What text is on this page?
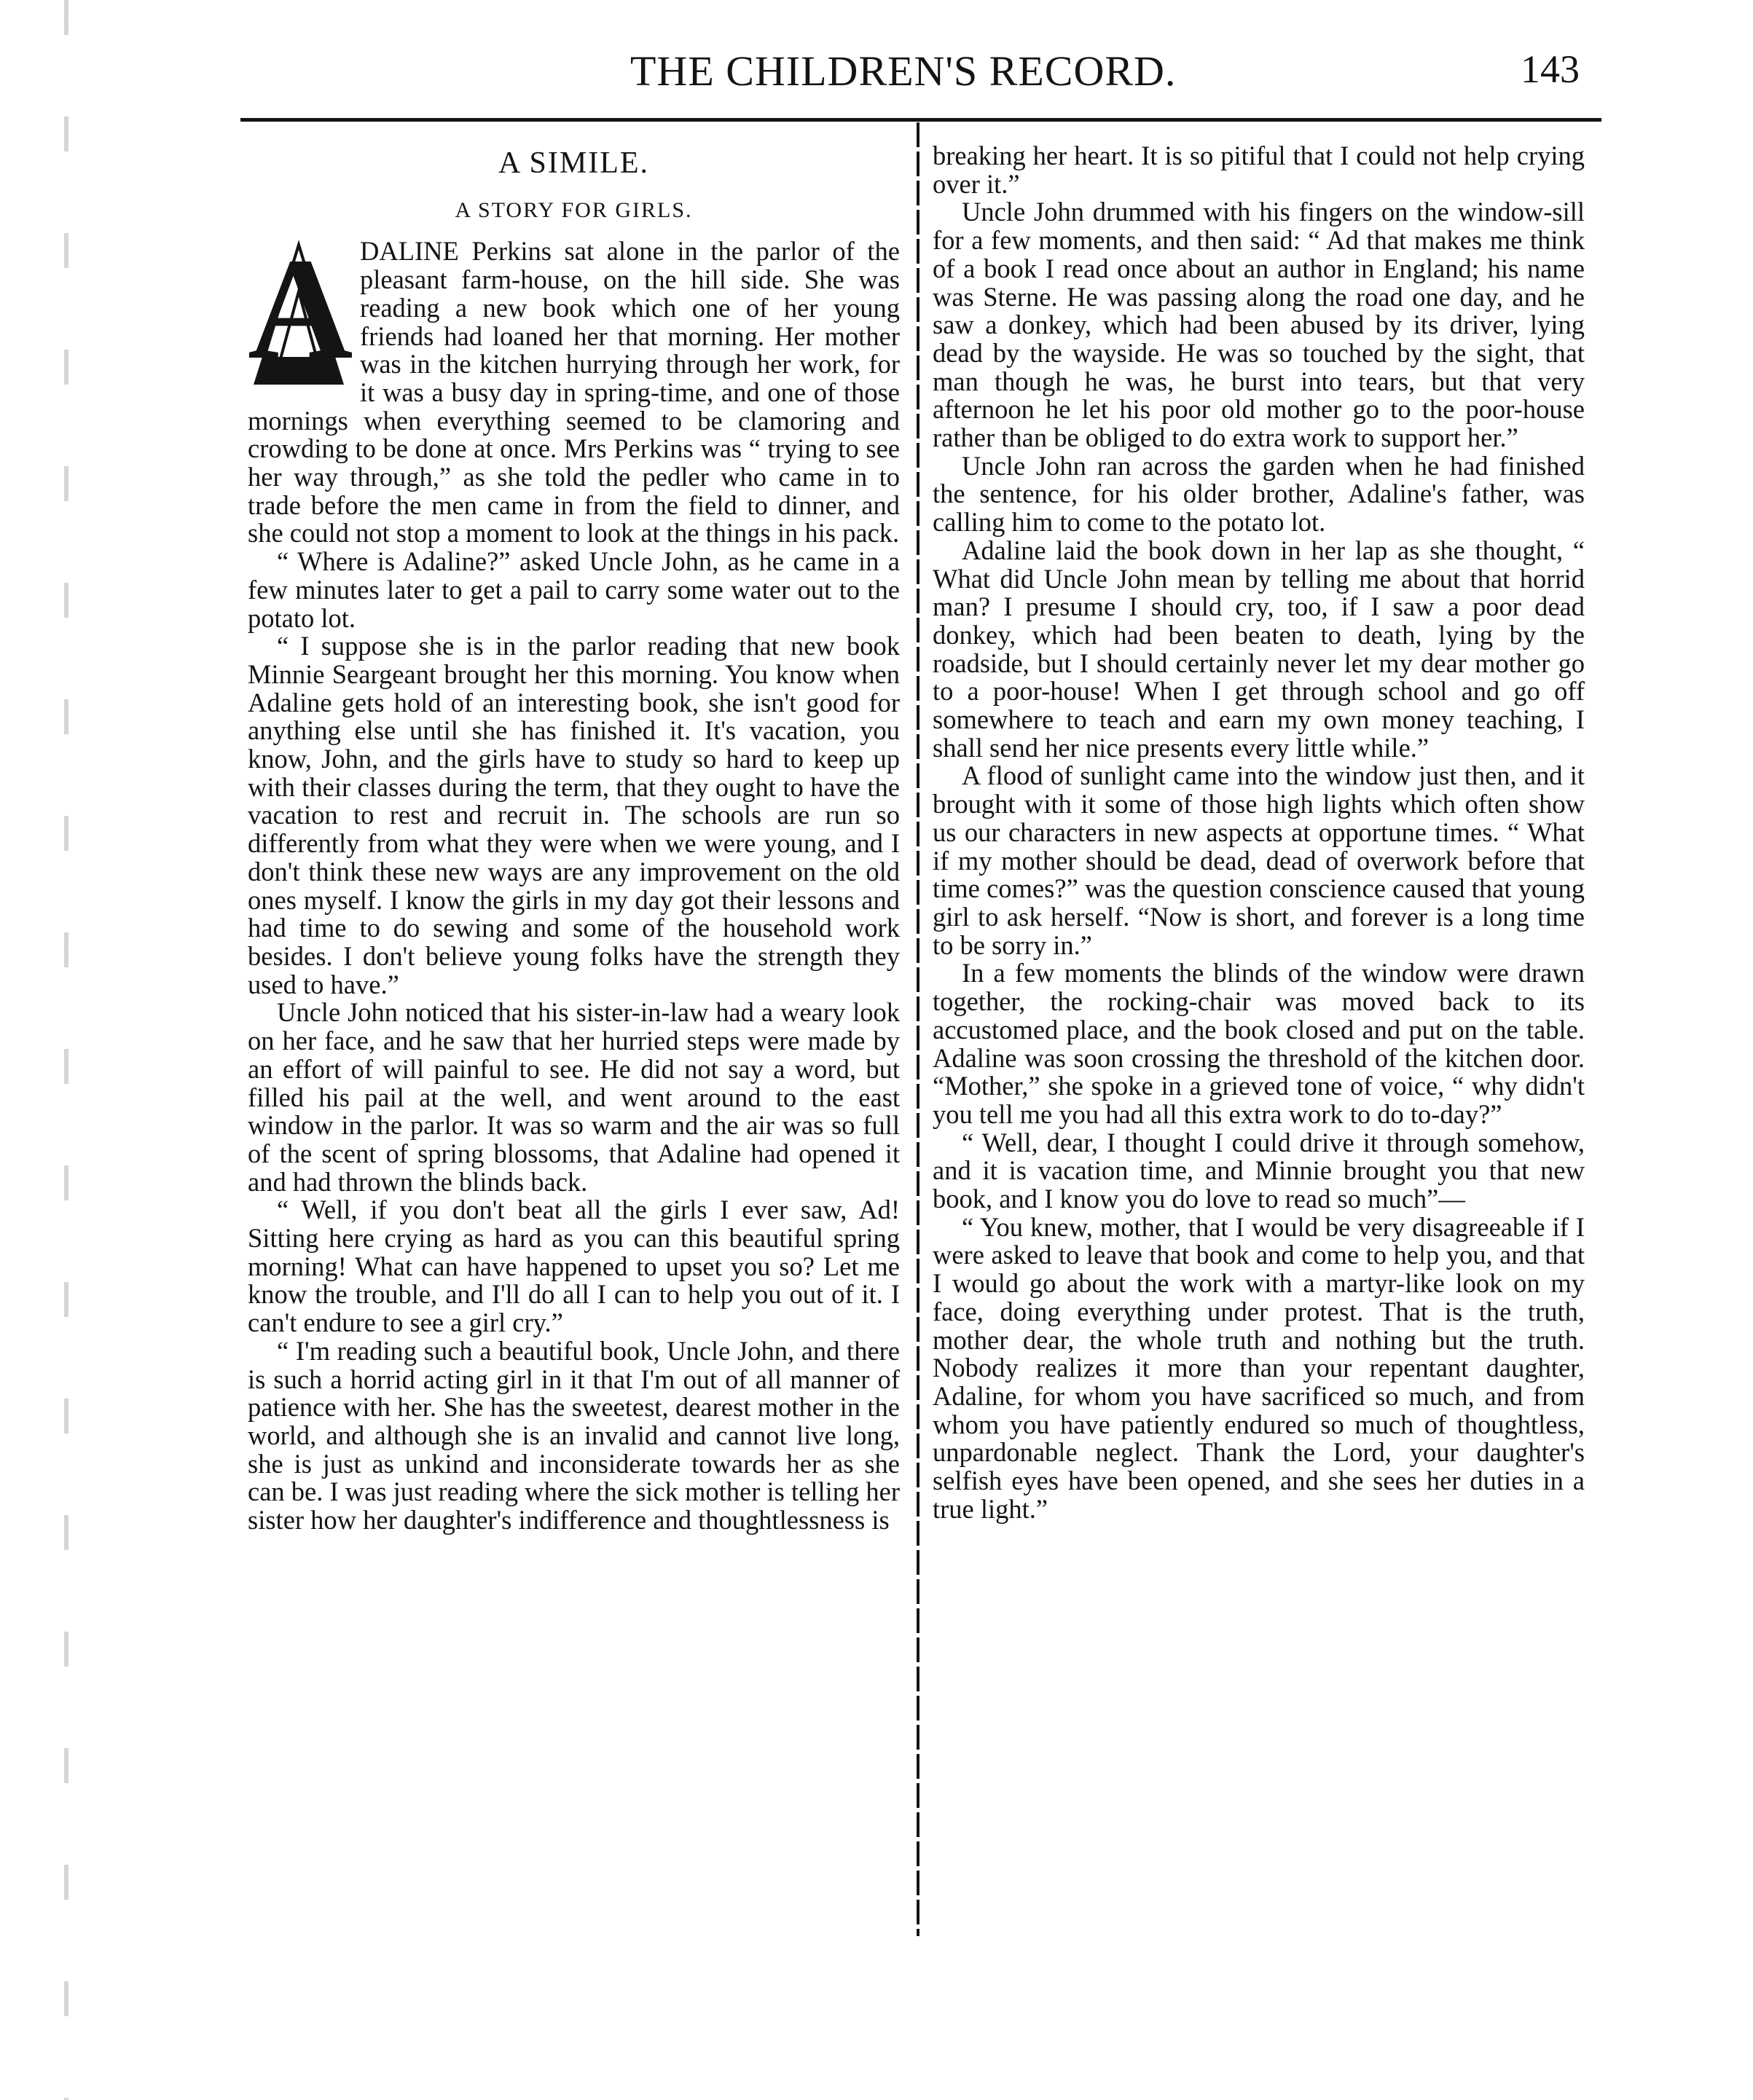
THE CHILDREN'S RECORD.	143
A SIMILE.
A STORY FOR GIRLS.
A DALINE Perkins sat alone in the parlor of the pleasant farm-house, on the hill side. She was reading a new book which one of her young friends had loaned her that morning. Her mother was in the kitchen hurrying through her work, for it was a busy day in spring-time, and one of those mornings when everything seemed to be clamoring and crowding to be done at once. Mrs Perkins was “ trying to see her way through,” as she told the pedler who came in to trade before the men came in from the field to dinner, and she could not stop a moment to look at the things in his pack.

“ Where is Adaline?” asked Uncle John, as he came in a few minutes later to get a pail to carry some water out to the potato lot.

“ I suppose she is in the parlor reading that new book Minnie Seargeant brought her this morning. You know when Adaline gets hold of an interesting book, she isn't good for anything else until she has finished it. It's vacation, you know, John, and the girls have to study so hard to keep up with their classes during the term, that they ought to have the vacation to rest and recruit in. The schools are run so differently from what they were when we were young, and I don't think these new ways are any improvement on the old ones myself. I know the girls in my day got their lessons and had time to do sewing and some of the household work besides. I don't believe young folks have the strength they used to have.”

Uncle John noticed that his sister-in-law had a weary look on her face, and he saw that her hurried steps were made by an effort of will painful to see. He did not say a word, but filled his pail at the well, and went around to the east window in the parlor. It was so warm and the air was so full of the scent of spring blossoms, that Adaline had opened it and had thrown the blinds back.

“ Well, if you don't beat all the girls I ever saw, Ad! Sitting here crying as hard as you can this beautiful spring morning! What can have happened to upset you so? Let me know the trouble, and I'll do all I can to help you out of it. I can't endure to see a girl cry.”

“ I'm reading such a beautiful book, Uncle John, and there is such a horrid acting girl in it that I'm out of all manner of patience with her. She has the sweetest, dearest mother in the world, and although she is an invalid and cannot live long, she is just as unkind and inconsiderate towards her as she can be. I was just reading where the sick mother is telling her sister how her daughter's indifference and thoughtlessness is

breaking her heart. It is so pitiful that I could not help crying over it.”

Uncle John drummed with his fingers on the window-sill for a few moments, and then said: “ Ad that makes me think of a book I read once about an author in England; his name was Sterne. He was passing along the road one day, and he saw a donkey, which had been abused by its driver, lying dead by the wayside. He was so touched by the sight, that man though he was, he burst into tears, but that very afternoon he let his poor old mother go to the poor-house rather than be obliged to do extra work to support her.”

Uncle John ran across the garden when he had finished the sentence, for his older brother, Adaline's father, was calling him to come to the potato lot.

Adaline laid the book down in her lap as she thought, “ What did Uncle John mean by telling me about that horrid man? I presume I should cry, too, if I saw a poor dead donkey, which had been beaten to death, lying by the roadside, but I should certainly never let my dear mother go to a poor-house! When I get through school and go off somewhere to teach and earn my own money teaching, I shall send her nice presents every little while.”

A flood of sunlight came into the window just then, and it brought with it some of those high lights which often show us our characters in new aspects at opportune times. “ What if my mother should be dead, dead of overwork before that time comes?” was the question conscience caused that young girl to ask herself. “Now is short, and forever is a long time to be sorry in.”

In a few moments the blinds of the window were drawn together, the rocking-chair was moved back to its accustomed place, and the book closed and put on the table. Adaline was soon crossing the threshold of the kitchen door. “Mother,” she spoke in a grieved tone of voice, “ why didn't you tell me you had all this extra work to do to-day?”

“ Well, dear, I thought I could drive it through somehow, and it is vacation time, and Minnie brought you that new book, and I know you do love to read so much”—

“ You knew, mother, that I would be very disagreeable if I were asked to leave that book and come to help you, and that I would go about the work with a martyr-like look on my face, doing everything under protest. That is the truth, mother dear, the whole truth and nothing but the truth. Nobody realizes it more than your repentant daughter, Adaline, for whom you have sacrificed so much, and from whom you have patiently endured so much of thoughtless, unpardonable neglect. Thank the Lord, your daughter's selfish eyes have been opened, and she sees her duties in a true light.”
